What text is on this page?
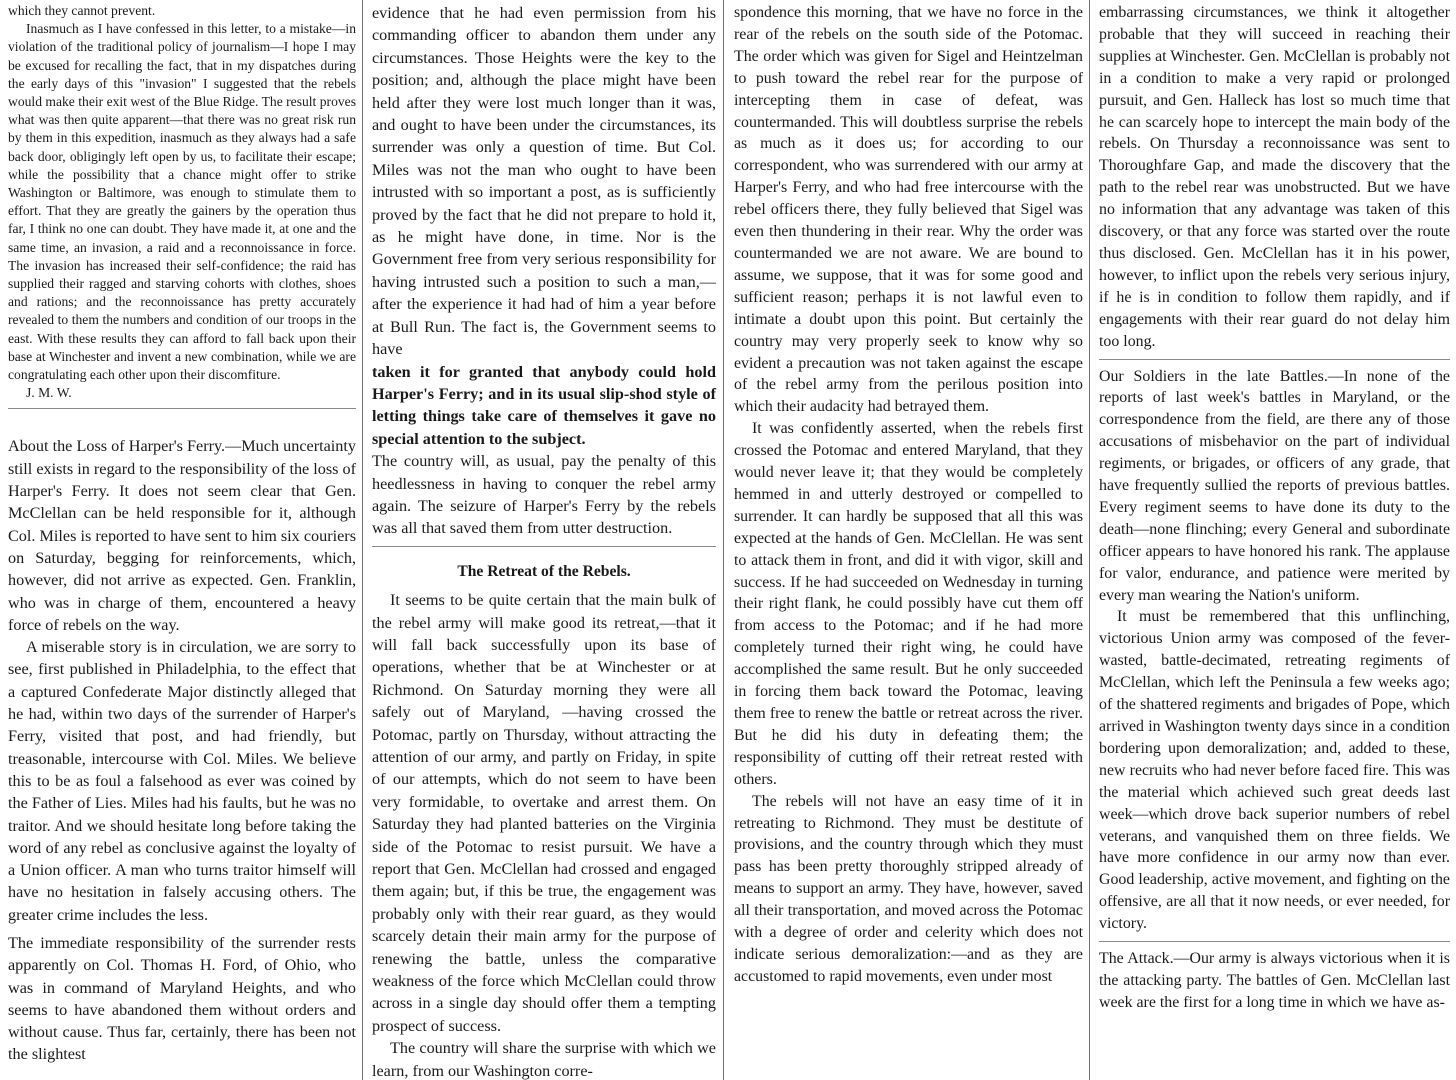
which they cannot prevent.

Inasmuch as I have confessed in this letter, to a mistake—in violation of the traditional policy of journalism—I hope I may be excused for recalling the fact, that in my dispatches during the early days of this "invasion" I suggested that the rebels would make their exit west of the Blue Ridge. The result proves what was then quite apparent—that there was no great risk run by them in this expedition, inasmuch as they always had a safe back door, obligingly left open by us, to facilitate their escape; while the possibility that a chance might offer to strike Washington or Baltimore, was enough to stimulate them to effort. That they are greatly the gainers by the operation thus far, I think no one can doubt. They have made it, at one and the same time, an invasion, a raid and a reconnoissance in force. The invasion has increased their self-confidence; the raid has supplied their ragged and starving cohorts with clothes, shoes and rations; and the reconnoissance has pretty accurately revealed to them the numbers and condition of our troops in the east. With these results they can afford to fall back upon their base at Winchester and invent a new combination, while we are congratulating each other upon their discomfiture.

J. M. W.

About the Loss of Harper's Ferry.—Much uncertainty still exists in regard to the responsibility of the loss of Harper's Ferry. It does not seem clear that Gen. McClellan can be held responsible for it, although Col. Miles is reported to have sent to him six couriers on Saturday, begging for reinforcements, which, however, did not arrive as expected. Gen. Franklin, who was in charge of them, encountered a heavy force of rebels on the way.

A miserable story is in circulation, we are sorry to see, first published in Philadelphia, to the effect that a captured Confederate Major distinctly alleged that he had, within two days of the surrender of Harper's Ferry, visited that post, and had friendly, but treasonable, intercourse with Col. Miles. We believe this to be as foul a falsehood as ever was coined by the Father of Lies. Miles had his faults, but he was no traitor. And we should hesitate long before taking the word of any rebel as conclusive against the loyalty of a Union officer. A man who turns traitor himself will have no hesitation in falsely accusing others. The greater crime includes the less.

The immediate responsibility of the surrender rests apparently on Col. Thomas H. Ford, of Ohio, who was in command of Maryland Heights, and who seems to have abandoned them without orders and without cause. Thus far, certainly, there has been not the slightest

evidence that he had even permission from his commanding officer to abandon them under any circumstances. Those Heights were the key to the position; and, although the place might have been held after they were lost much longer than it was, and ought to have been under the circumstances, its surrender was only a question of time. But Col. Miles was not the man who ought to have been intrusted with so important a post, as is sufficiently proved by the fact that he did not prepare to hold it, as he might have done, in time. Nor is the Government free from very serious responsibility for having intrusted such a position to such a man,—after the experience it had had of him a year before at Bull Run. The fact is, the Government seems to have

taken it for granted that anybody could hold Harper's Ferry; and in its usual slip-shod style of letting things take care of themselves it gave no special attention to the subject.

The country will, as usual, pay the penalty of this heedlessness in having to conquer the rebel army again. The seizure of Harper's Ferry by the rebels was all that saved them from utter destruction.

The Retreat of the Rebels.

It seems to be quite certain that the main bulk of the rebel army will make good its retreat,—that it will fall back successfully upon its base of operations, whether that be at Winchester or at Richmond. On Saturday morning they were all safely out of Maryland, —having crossed the Potomac, partly on Thursday, without attracting the attention of our army, and partly on Friday, in spite of our attempts, which do not seem to have been very formidable, to overtake and arrest them. On Saturday they had planted batteries on the Virginia side of the Potomac to resist pursuit. We have a report that Gen. McClellan had crossed and engaged them again; but, if this be true, the engagement was probably only with their rear guard, as they would scarcely detain their main army for the purpose of renewing the battle, unless the comparative weakness of the force which McClellan could throw across in a single day should offer them a tempting prospect of success.

The country will share the surprise with which we learn, from our Washington corre-

spondence this morning, that we have no force in the rear of the rebels on the south side of the Potomac. The order which was given for Sigel and Heintzelman to push toward the rebel rear for the purpose of intercepting them in case of defeat, was countermanded. This will doubtless surprise the rebels as much as it does us; for according to our correspondent, who was surrendered with our army at Harper's Ferry, and who had free intercourse with the rebel officers there, they fully believed that Sigel was even then thundering in their rear. Why the order was countermanded we are not aware. We are bound to assume, we suppose, that it was for some good and sufficient reason; perhaps it is not lawful even to intimate a doubt upon this point. But certainly the country may very properly seek to know why so evident a precaution was not taken against the escape of the rebel army from the perilous position into which their audacity had betrayed them.

It was confidently asserted, when the rebels first crossed the Potomac and entered Maryland, that they would never leave it; that they would be completely hemmed in and utterly destroyed or compelled to surrender. It can hardly be supposed that all this was expected at the hands of Gen. McClellan. He was sent to attack them in front, and did it with vigor, skill and success. If he had succeeded on Wednesday in turning their right flank, he could possibly have cut them off from access to the Potomac; and if he had more completely turned their right wing, he could have accomplished the same result. But he only succeeded in forcing them back toward the Potomac, leaving them free to renew the battle or retreat across the river. But he did his duty in defeating them; the responsibility of cutting off their retreat rested with others.

The rebels will not have an easy time of it in retreating to Richmond. They must be destitute of provisions, and the country through which they must pass has been pretty thoroughly stripped already of means to support an army. They have, however, saved all their transportation, and moved across the Potomac with a degree of order and celerity which does not indicate serious demoralization:—and as they are accustomed to rapid movements, even under most

embarrassing circumstances, we think it altogether probable that they will succeed in reaching their supplies at Winchester. Gen. McClellan is probably not in a condition to make a very rapid or prolonged pursuit, and Gen. Halleck has lost so much time that he can scarcely hope to intercept the main body of the rebels. On Thursday a reconnoissance was sent to Thoroughfare Gap, and made the discovery that the path to the rebel rear was unobstructed. But we have no information that any advantage was taken of this discovery, or that any force was started over the route thus disclosed. Gen. McClellan has it in his power, however, to inflict upon the rebels very serious injury, if he is in condition to follow them rapidly, and if engagements with their rear guard do not delay him too long.

Our Soldiers in the late Battles.—In none of the reports of last week's battles in Maryland, or the correspondence from the field, are there any of those accusations of misbehavior on the part of individual regiments, or brigades, or officers of any grade, that have frequently sullied the reports of previous battles. Every regiment seems to have done its duty to the death—none flinching; every General and subordinate officer appears to have honored his rank. The applause for valor, endurance, and patience were merited by every man wearing the Nation's uniform.

It must be remembered that this unflinching, victorious Union army was composed of the fever-wasted, battle-decimated, retreating regiments of McClellan, which left the Peninsula a few weeks ago; of the shattered regiments and brigades of Pope, which arrived in Washington twenty days since in a condition bordering upon demoralization; and, added to these, new recruits who had never before faced fire. This was the material which achieved such great deeds last week—which drove back superior numbers of rebel veterans, and vanquished them on three fields. We have more confidence in our army now than ever. Good leadership, active movement, and fighting on the offensive, are all that it now needs, or ever needed, for victory.

The Attack.—Our army is always victorious when it is the attacking party. The battles of Gen. McClellan last week are the first for a long time in which we have as-
